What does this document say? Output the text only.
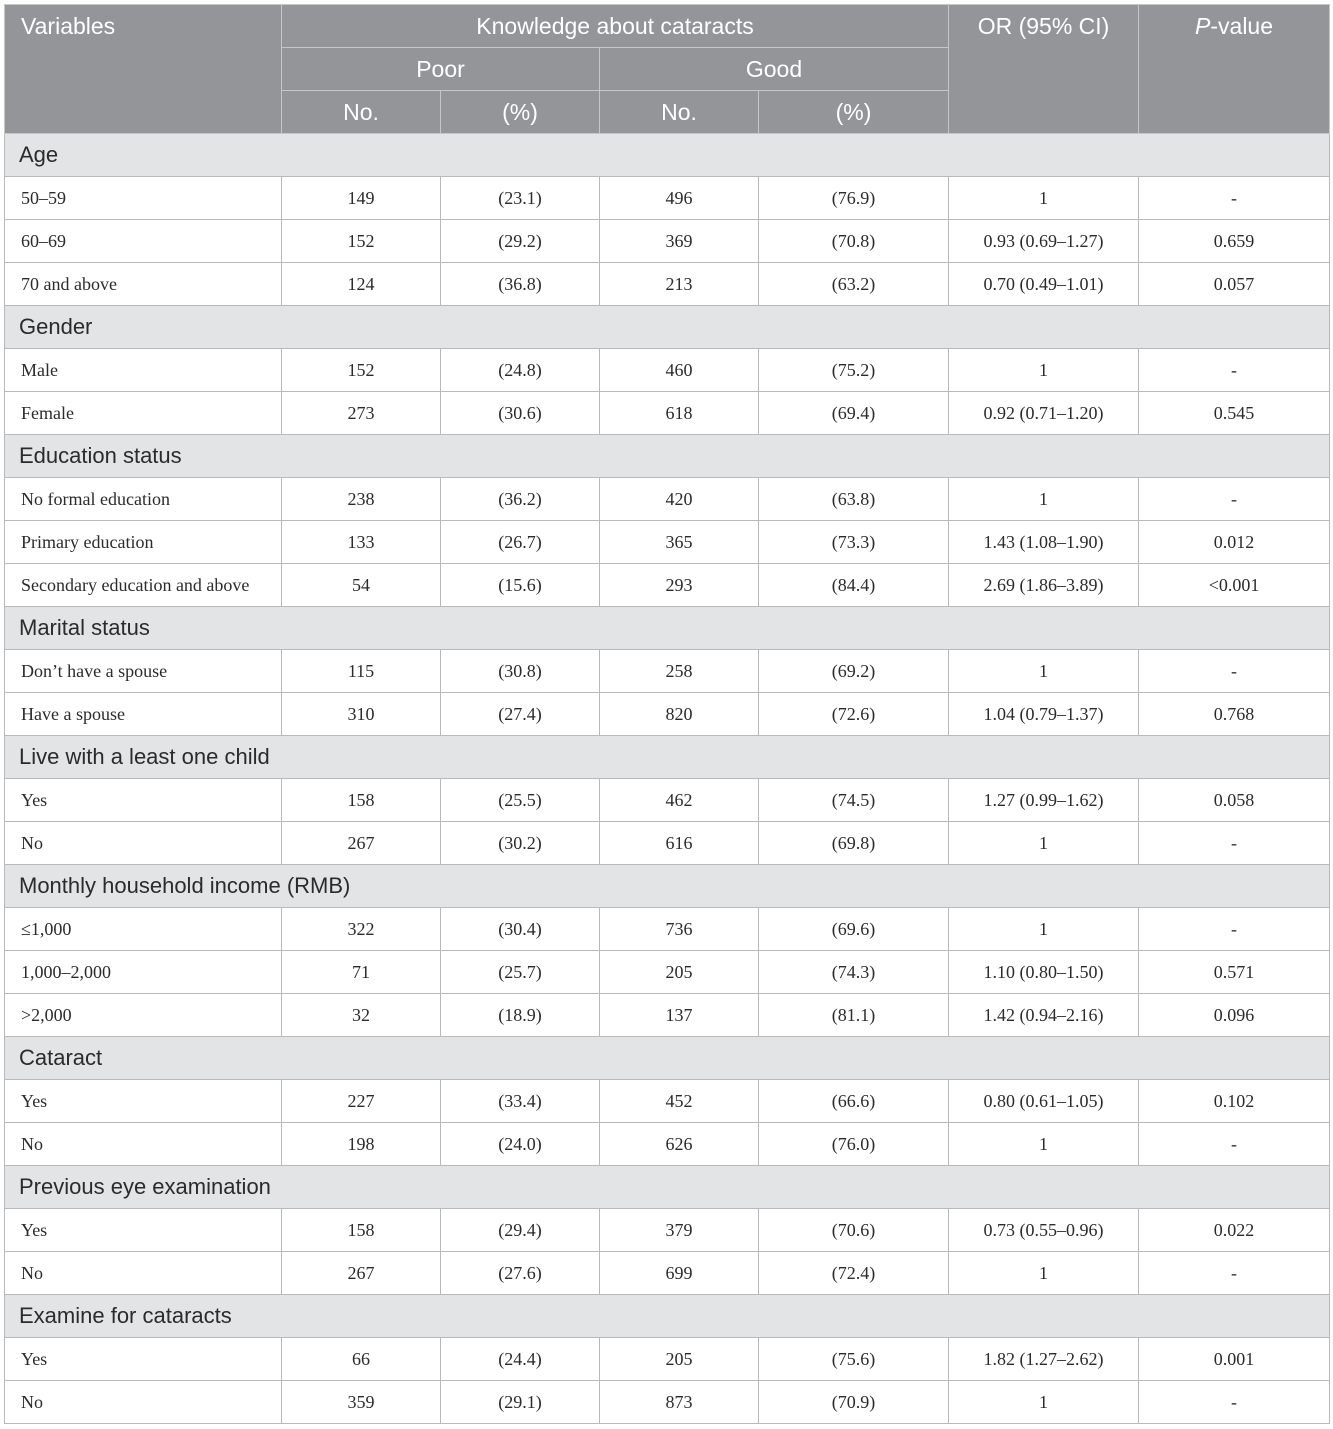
Variables	Knowledge about cataracts				OR (95% CI)	P-value
	Poor		Good			
	No.	(%)	No.	(%)		
Age						
50–59	149	(23.1)	496	(76.9)	1	-
60–69	152	(29.2)	369	(70.8)	0.93 (0.69–1.27)	0.659
70 and above	124	(36.8)	213	(63.2)	0.70 (0.49–1.01)	0.057
Gender						
Male	152	(24.8)	460	(75.2)	1	-
Female	273	(30.6)	618	(69.4)	0.92 (0.71–1.20)	0.545
Education status						
No formal education	238	(36.2)	420	(63.8)	1	-
Primary education	133	(26.7)	365	(73.3)	1.43 (1.08–1.90)	0.012
Secondary education and above	54	(15.6)	293	(84.4)	2.69 (1.86–3.89)	<0.001
Marital status						
Don’t have a spouse	115	(30.8)	258	(69.2)	1	-
Have a spouse	310	(27.4)	820	(72.6)	1.04 (0.79–1.37)	0.768
Live with a least one child						
Yes	158	(25.5)	462	(74.5)	1.27 (0.99–1.62)	0.058
No	267	(30.2)	616	(69.8)	1	-
Monthly household income (RMB)						
≤1,000	322	(30.4)	736	(69.6)	1	-
1,000–2,000	71	(25.7)	205	(74.3)	1.10 (0.80–1.50)	0.571
>2,000	32	(18.9)	137	(81.1)	1.42 (0.94–2.16)	0.096
Cataract						
Yes	227	(33.4)	452	(66.6)	0.80 (0.61–1.05)	0.102
No	198	(24.0)	626	(76.0)	1	-
Previous eye examination						
Yes	158	(29.4)	379	(70.6)	0.73 (0.55–0.96)	0.022
No	267	(27.6)	699	(72.4)	1	-
Examine for cataracts						
Yes	66	(24.4)	205	(75.6)	1.82 (1.27–2.62)	0.001
No	359	(29.1)	873	(70.9)	1	-
